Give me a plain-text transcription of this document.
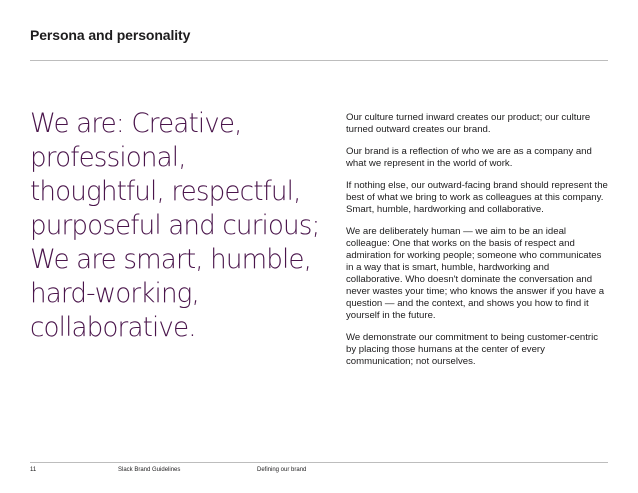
Persona and personality
We are: Creative, professional, thoughtful, respectful, purposeful and curious; We are smart, humble, hard-working, collaborative.

Our culture turned inward creates our product; our culture turned outward creates our brand.

Our brand is a reflection of who we are as a company and what we represent in the world of work.

If nothing else, our outward-facing brand should represent the best of what we bring to work as colleagues at this company. Smart, humble, hardworking and collaborative.

We are deliberately human — we aim to be an ideal colleague: One that works on the basis of respect and admiration for working people; someone who communicates in a way that is smart, humble, hardworking and collaborative. Who doesn't dominate the conversation and never wastes your time; who knows the answer if you have a question — and the context, and shows you how to find it yourself in the future.

We demonstrate our commitment to being customer-centric by placing those humans at the center of every communication; not ourselves.

11	Slack Brand Guidelines	Defining our brand
